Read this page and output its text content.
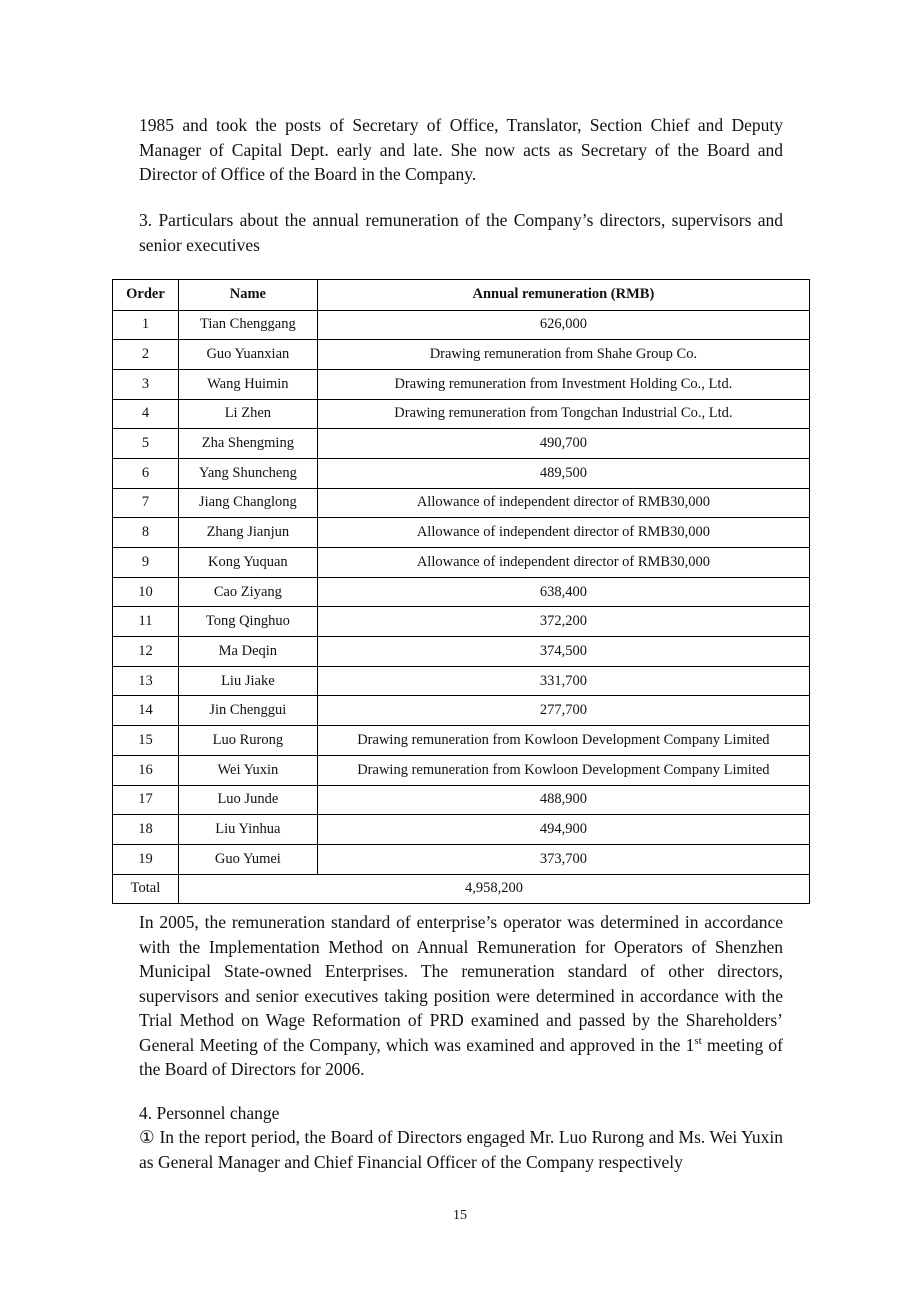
1985 and took the posts of Secretary of Office, Translator, Section Chief and Deputy Manager of Capital Dept. early and late. She now acts as Secretary of the Board and Director of Office of the Board in the Company.

3. Particulars about the annual remuneration of the Company’s directors, supervisors and senior executives

Order	Name	Annual remuneration (RMB)
1	Tian Chenggang	626,000
2	Guo Yuanxian	Drawing remuneration from Shahe Group Co.
3	Wang Huimin	Drawing remuneration from Investment Holding Co., Ltd.
4	Li Zhen	Drawing remuneration from Tongchan Industrial Co., Ltd.
5	Zha Shengming	490,700
6	Yang Shuncheng	489,500
7	Jiang Changlong	Allowance of independent director of RMB30,000
8	Zhang Jianjun	Allowance of independent director of RMB30,000
9	Kong Yuquan	Allowance of independent director of RMB30,000
10	Cao Ziyang	638,400
11	Tong Qinghuo	372,200
12	Ma Deqin	374,500
13	Liu Jiake	331,700
14	Jin Chenggui	277,700
15	Luo Rurong	Drawing remuneration from Kowloon Development Company Limited
16	Wei Yuxin	Drawing remuneration from Kowloon Development Company Limited
17	Luo Junde	488,900
18	Liu Yinhua	494,900
19	Guo Yumei	373,700
Total	4,958,200	

In 2005, the remuneration standard of enterprise’s operator was determined in accordance with the Implementation Method on Annual Remuneration for Operators of Shenzhen Municipal State-owned Enterprises. The remuneration standard of other directors, supervisors and senior executives taking position were determined in accordance with the Trial Method on Wage Reformation of PRD examined and passed by the Shareholders’ General Meeting of the Company, which was examined and approved in the 1st meeting of the Board of Directors for 2006.

4. Personnel change

① In the report period, the Board of Directors engaged Mr. Luo Rurong and Ms. Wei Yuxin as General Manager and Chief Financial Officer of the Company respectively

15
